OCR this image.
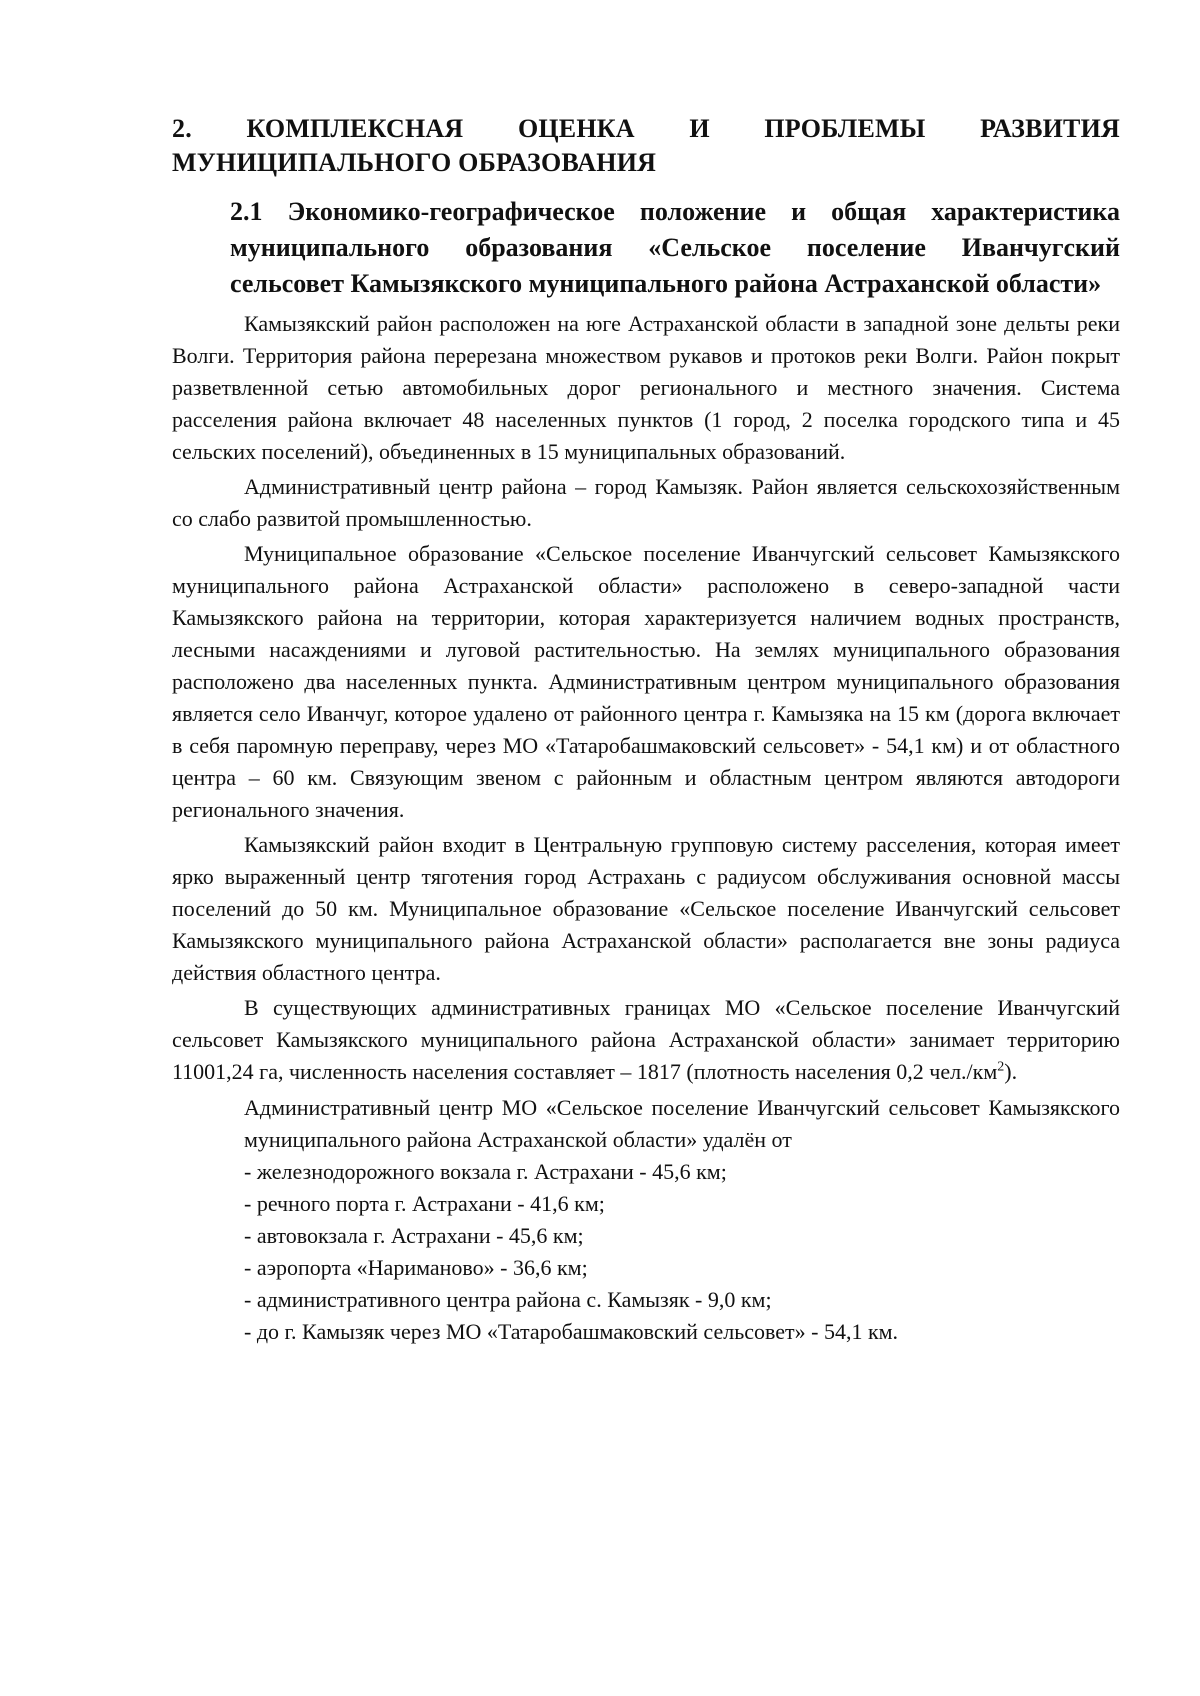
2. КОМПЛЕКСНАЯ ОЦЕНКА И ПРОБЛЕМЫ РАЗВИТИЯ МУНИЦИПАЛЬНОГО ОБРАЗОВАНИЯ
2.1 Экономико-географическое положение и общая характеристика муниципального образования «Сельское поселение Иванчугский сельсовет Камызякского муниципального района Астраханской области»

Камызякский район расположен на юге Астраханской области в западной зоне дельты реки Волги. Территория района перерезана множеством рукавов и протоков реки Волги. Район покрыт разветвленной сетью автомобильных дорог регионального и местного значения. Система расселения района включает 48 населенных пунктов (1 город, 2 поселка городского типа и 45 сельских поселений), объединенных в 15 муниципальных образований.

Административный центр района – город Камызяк. Район является сельскохозяйственным со слабо развитой промышленностью.

Муниципальное образование «Сельское поселение Иванчугский сельсовет Камызякского муниципального района Астраханской области» расположено в северо-западной части Камызякского района на территории, которая характеризуется наличием водных пространств, лесными насаждениями и луговой растительностью. На землях муниципального образования расположено два населенных пункта. Административным центром муниципального образования является село Иванчуг, которое удалено от районного центра г. Камызяка на 15 км (дорога включает в себя паромную переправу, через МО «Татаробашмаковский сельсовет» - 54,1 км) и от областного центра – 60 км. Связующим звеном с районным и областным центром являются автодороги регионального значения.

Камызякский район входит в Центральную групповую систему расселения, которая имеет ярко выраженный центр тяготения город Астрахань с радиусом обслуживания основной массы поселений до 50 км. Муниципальное образование «Сельское поселение Иванчугский сельсовет Камызякского муниципального района Астраханской области» располагается вне зоны радиуса действия областного центра.

В существующих административных границах МО «Сельское поселение Иванчугский сельсовет Камызякского муниципального района Астраханской области» занимает территорию 11001,24 га, численность населения составляет – 1817 (плотность населения 0,2 $чел./км^2$).

Административный центр МО «Сельское поселение Иванчугский сельсовет Камызякского муниципального района Астраханской области» удалён от

- железнодорожного вокзала г. Астрахани - 45,6 км;
- речного порта г. Астрахани - 41,6 км;
- автовокзала г. Астрахани - 45,6 км;
- аэропорта «Нариманово» - 36,6 км;
- административного центра района с. Камызяк - 9,0 км;
- до г. Камызяк через МО «Татаробашмаковский сельсовет» - 54,1 км.
